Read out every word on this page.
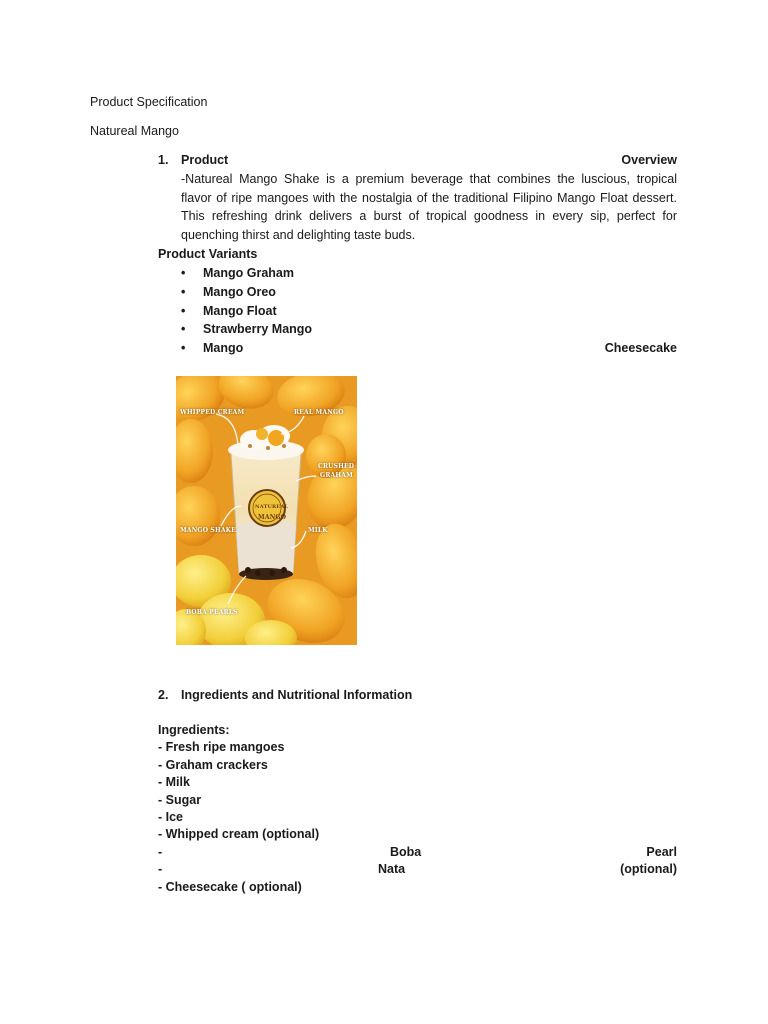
Product Specification
Natureal Mango
1. Product	Overview
-Natureal Mango Shake is a premium beverage that combines the luscious, tropical
flavor of ripe mangoes with the nostalgia of the traditional Filipino Mango Float dessert.
This refreshing drink delivers a burst of tropical goodness in every sip, perfect for
quenching thirst and delighting taste buds.
Product Variants
• Mango Graham
• Mango Oreo
• Mango Float
• Strawberry Mango
• Mango	Cheesecake
WHIPPED CREAM	REAL MANGO
CRUSHED
GRAHAM
MANGO SHAKE	MILK
BOBA PEARLS
NATUREAL
MANGO
2. Ingredients and Nutritional Information
Ingredients:
- Fresh ripe mangoes
- Graham crackers
- Milk
- Sugar
- Ice
- Whipped cream (optional)
-	Boba	Pearl
-	Nata	(optional)
- Cheesecake ( optional)
